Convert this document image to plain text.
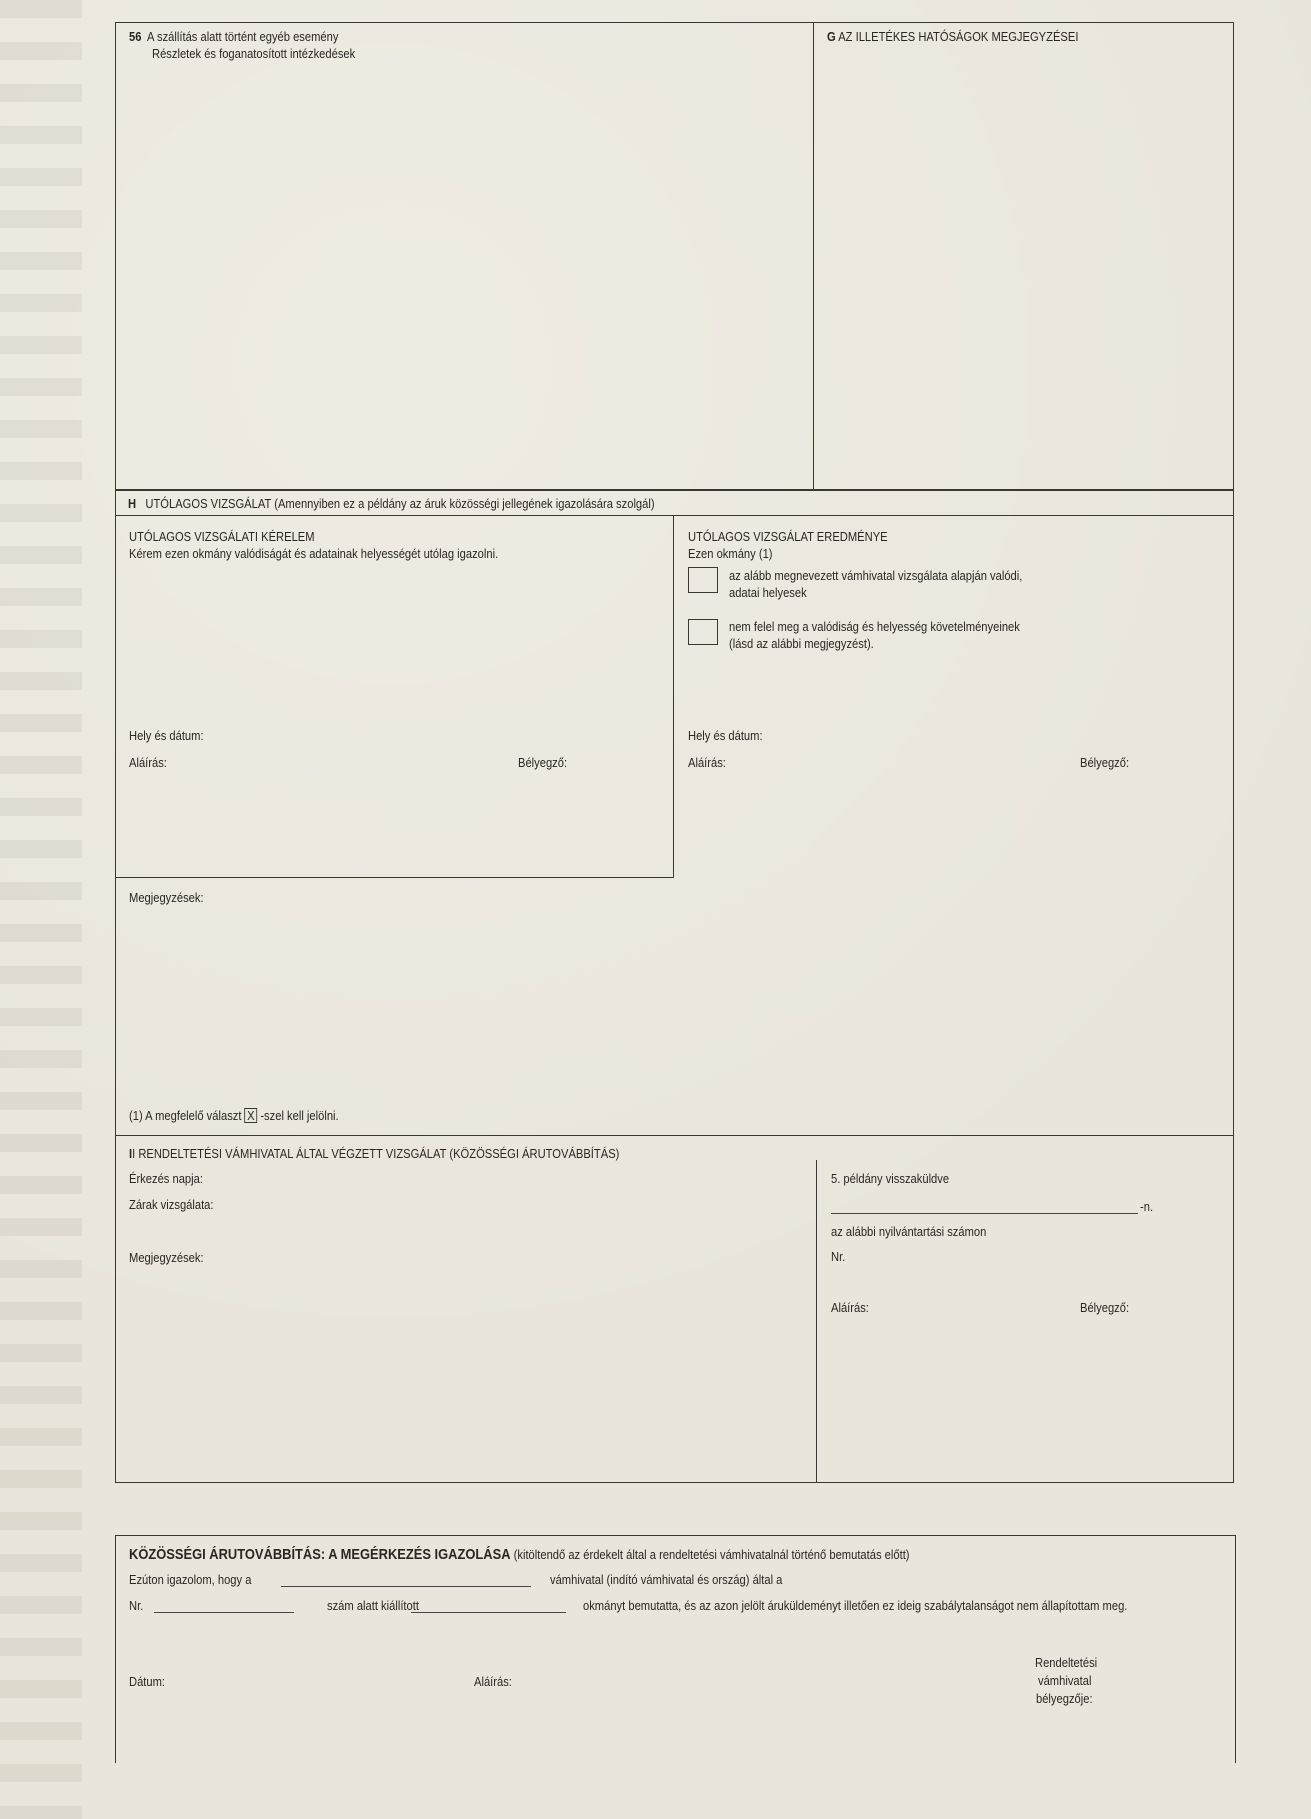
56 A szállítás alatt történt egyéb esemény
Részletek és foganatosított intézkedések
G AZ ILLETÉKES HATÓSÁGOK MEGJEGYZÉSEI
H UTÓLAGOS VIZSGÁLAT (Amennyiben ez a példány az áruk közösségi jellegének igazolására szolgál)
UTÓLAGOS VIZSGÁLATI KÉRELEM
Kérem ezen okmány valódiságát és adatainak helyességét utólag igazolni.
Hely és dátum:
Aláírás:	Bélyegző:
UTÓLAGOS VIZSGÁLAT EREDMÉNYE
Ezen okmány (1)
az alább megnevezett vámhivatal vizsgálata alapján valódi,
adatai helyesek
nem felel meg a valódiság és helyesség követelményeinek
(lásd az alábbi megjegyzést).
Hely és dátum:
Aláírás:	Bélyegző:
Megjegyzések:
(1) A megfelelő választ X -szel kell jelölni.
II RENDELTETÉSI VÁMHIVATAL ÁLTAL VÉGZETT VIZSGÁLAT (KÖZÖSSÉGI ÁRUTOVÁBBÍTÁS)
Érkezés napja:
Zárak vizsgálata:
Megjegyzések:
5. példány visszaküldve
-n.
az alábbi nyilvántartási számon
Nr.
Aláírás:	Bélyegző:
KÖZÖSSÉGI ÁRUTOVÁBBÍTÁS: A MEGÉRKEZÉS IGAZOLÁSA (kitöltendő az érdekelt által a rendeltetési vámhivatalnál történő bemutatás előtt)
Ezúton igazolom, hogy a	vámhivatal (indító vámhivatal és ország) által a
Nr.	szám alatt kiállított	okmányt bemutatta, és az azon jelölt áruküldeményt illetően ez ideig szabálytalanságot nem állapítottam meg.
Dátum:	Aláírás:
Rendeltetési
vámhivatal
bélyegzője:
